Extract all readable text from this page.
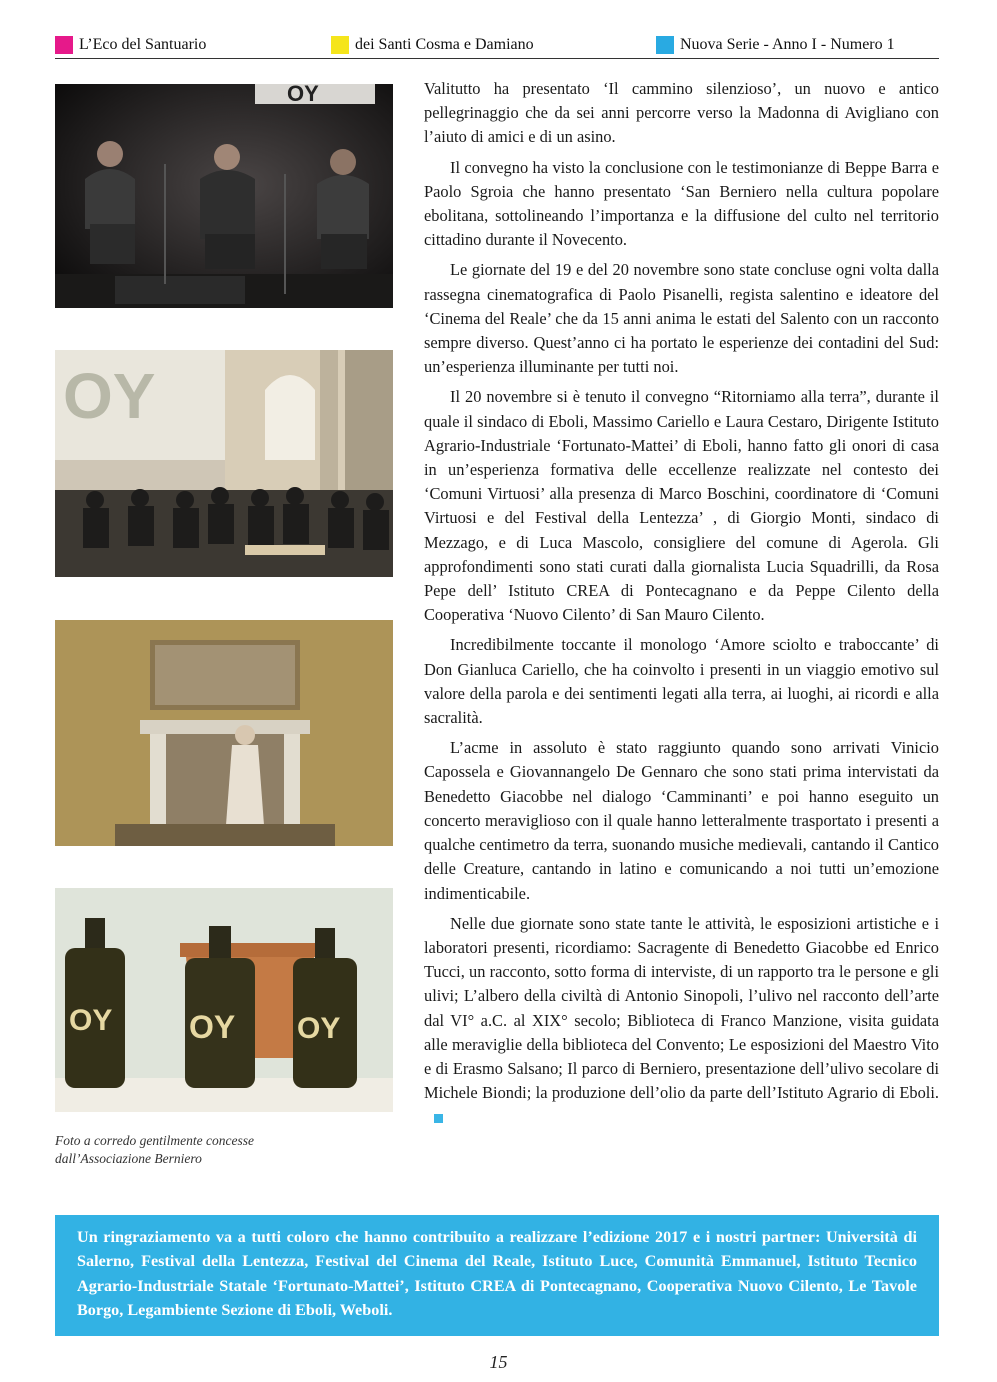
L’Eco del Santuario	dei Santi Cosma e Damiano	Nuova Serie - Anno I - Numero 1
OY
OY
OY OY OY
Foto a corredo gentilmente concesse
dall’Associazione Berniero

Valitutto ha presentato ‘Il cammino silenzioso’, un nuovo e antico pellegrinaggio che da sei anni percorre verso la Madonna di Avigliano con l’aiuto di amici e di un asino.

Il convegno ha visto la conclusione con le testimonianze di Beppe Barra e Paolo Sgroia che hanno presentato ‘San Berniero nella cultura popolare ebolitana, sottolineando l’importanza e la diffusione del culto nel territorio cittadino durante il Novecento.

Le giornate del 19 e del 20 novembre sono state concluse ogni volta dalla rassegna cinematografica di Paolo Pisanelli, regista salentino e ideatore del ‘Cinema del Reale’ che da 15 anni anima le estati del Salento con un racconto sempre diverso. Quest’anno ci ha portato le esperienze dei contadini del Sud: un’esperienza illuminante per tutti noi.

Il 20 novembre si è tenuto il convegno “Ritorniamo alla terra”, durante il quale il sindaco di Eboli, Massimo Cariello e Laura Cestaro, Dirigente Istituto Agrario-Industriale ‘Fortunato-Mattei’ di Eboli, hanno fatto gli onori di casa in un’esperienza formativa delle eccellenze realizzate nel contesto dei ‘Comuni Virtuosi’ alla presenza di Marco Boschini, coordinatore di ‘Comuni Virtuosi e del Festival della Lentezza’ , di Giorgio Monti, sindaco di Mezzago, e di Luca Mascolo, consigliere del comune di Agerola. Gli approfondimenti sono stati curati dalla giornalista Lucia Squadrilli, da Rosa Pepe dell’ Istituto CREA di Pontecagnano e da Peppe Cilento della Cooperativa ‘Nuovo Cilento’ di San Mauro Cilento.

Incredibilmente toccante il monologo ‘Amore sciolto e traboccante’ di Don Gianluca Cariello, che ha coinvolto i presenti in un viaggio emotivo sul valore della parola e dei sentimenti legati alla terra, ai luoghi, ai ricordi e alla sacralità.

L’acme in assoluto è stato raggiunto quando sono arrivati Vinicio Capossela e Giovannangelo De Gennaro che sono stati prima intervistati da Benedetto Giacobbe nel dialogo ‘Camminanti’ e poi hanno eseguito un concerto meraviglioso con il quale hanno letteralmente trasportato i presenti a qualche centimetro da terra, suonando musiche medievali, cantando il Cantico delle Creature, cantando in latino e comunicando a noi tutti un’emozione indimenticabile.

Nelle due giornate sono state tante le attività, le esposizioni artistiche e i laboratori presenti, ricordiamo: Sacragente di Benedetto Giacobbe ed Enrico Tucci, un racconto, sotto forma di interviste, di un rapporto tra le persone e gli ulivi; L’albero della civiltà di Antonio Sinopoli, l’ulivo nel racconto dell’arte dal VI° a.C. al XIX° secolo; Biblioteca di Franco Manzione, visita guidata alle meraviglie della biblioteca del Convento; Le esposizioni del Maestro Vito e di Erasmo Salsano; Il parco di Berniero, presentazione dell’ulivo secolare di Michele Biondi; la produzione dell’olio da parte dell’Istituto Agrario di Eboli.

Un ringraziamento va a tutti coloro che hanno contribuito a realizzare l’edizione 2017 e i nostri partner: Università di Salerno, Festival della Lentezza, Festival del Cinema del Reale, Istituto Luce, Comunità Emmanuel, Istituto Tecnico Agrario-Industriale Statale ‘Fortunato-Mattei’, Istituto CREA di Pontecagnano, Cooperativa Nuovo Cilento, Le Tavole Borgo, Legambiente Sezione di Eboli, Weboli.
15
